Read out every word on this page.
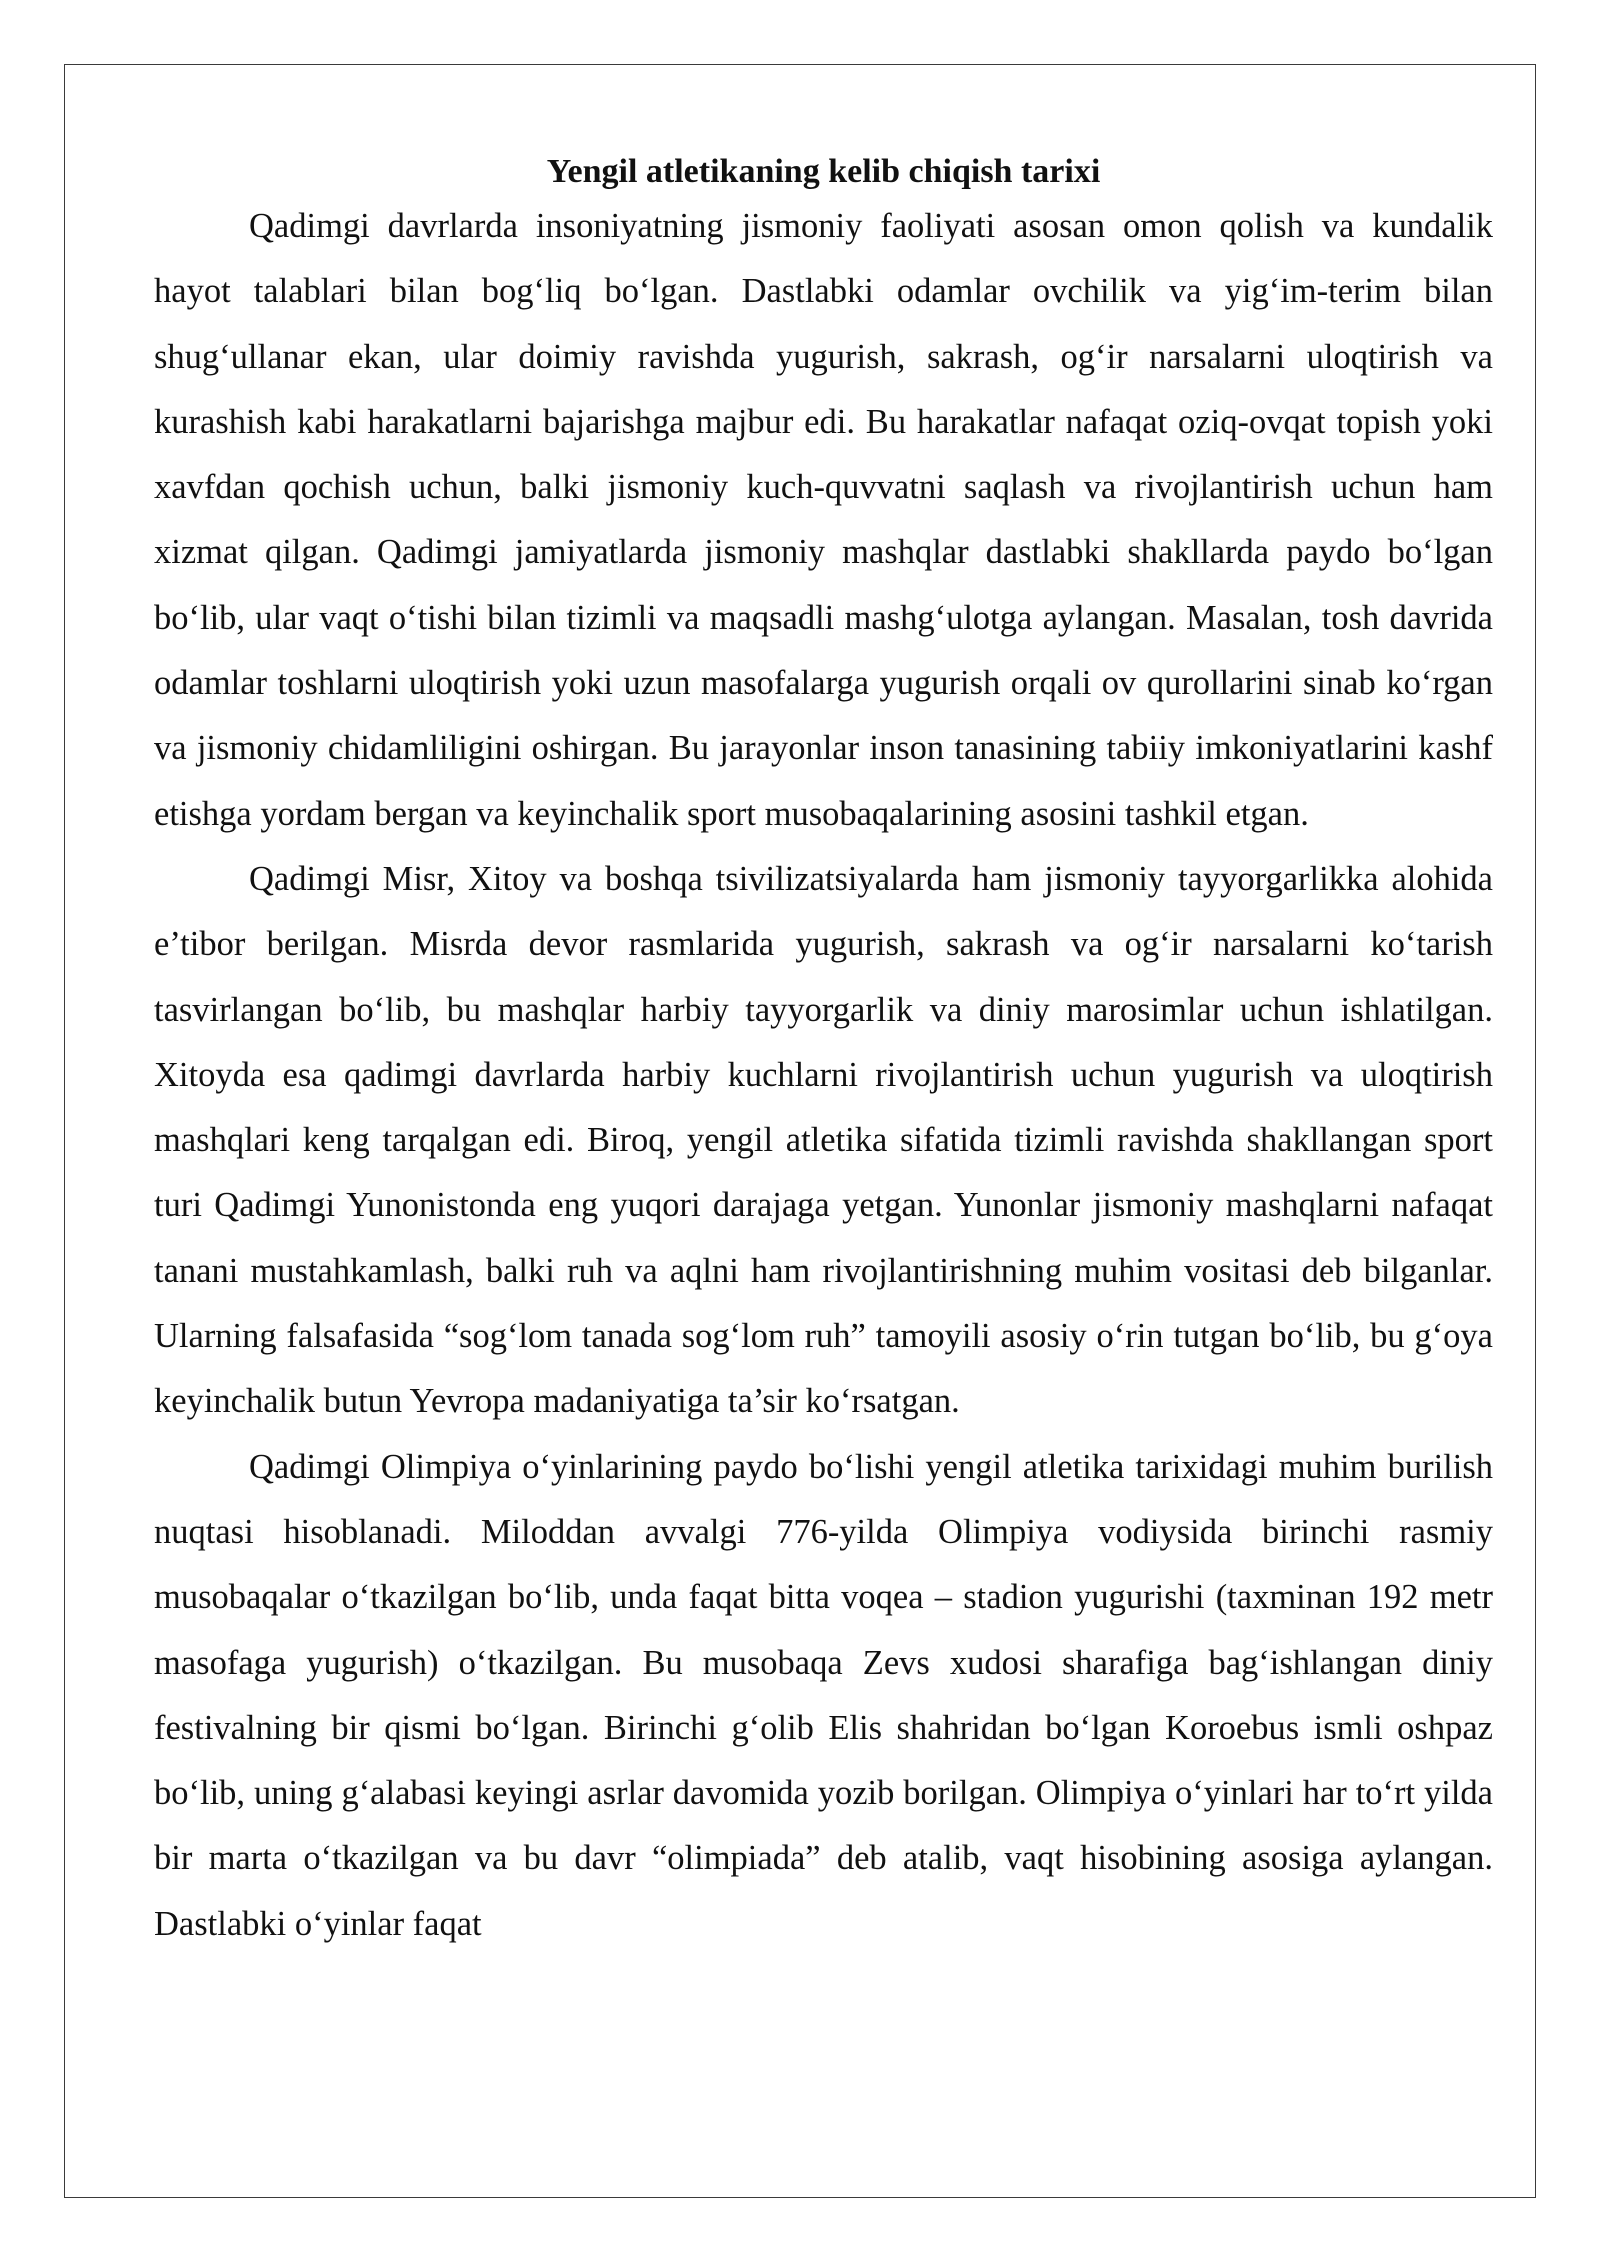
Yengil atletikaning kelib chiqish tarixi

Qadimgi davrlarda insoniyatning jismoniy faoliyati asosan omon qolish va kundalik hayot talablari bilan bog‘liq bo‘lgan. Dastlabki odamlar ovchilik va yig‘im-terim bilan shug‘ullanar ekan, ular doimiy ravishda yugurish, sakrash, og‘ir narsalarni uloqtirish va kurashish kabi harakatlarni bajarishga majbur edi. Bu harakatlar nafaqat oziq-ovqat topish yoki xavfdan qochish uchun, balki jismoniy kuch-quvvatni saqlash va rivojlantirish uchun ham xizmat qilgan. Qadimgi jamiyatlarda jismoniy mashqlar dastlabki shakllarda paydo bo‘lgan bo‘lib, ular vaqt o‘tishi bilan tizimli va maqsadli mashg‘ulotga aylangan. Masalan, tosh davrida odamlar toshlarni uloqtirish yoki uzun masofalarga yugurish orqali ov qurollarini sinab ko‘rgan va jismoniy chidamliligini oshirgan. Bu jarayonlar inson tanasining tabiiy imkoniyatlarini kashf etishga yordam bergan va keyinchalik sport musobaqalarining asosini tashkil etgan.

Qadimgi Misr, Xitoy va boshqa tsivilizatsiyalarda ham jismoniy tayyorgarlikka alohida e’tibor berilgan. Misrda devor rasmlarida yugurish, sakrash va og‘ir narsalarni ko‘tarish tasvirlangan bo‘lib, bu mashqlar harbiy tayyorgarlik va diniy marosimlar uchun ishlatilgan. Xitoyda esa qadimgi davrlarda harbiy kuchlarni rivojlantirish uchun yugurish va uloqtirish mashqlari keng tarqalgan edi. Biroq, yengil atletika sifatida tizimli ravishda shakllangan sport turi Qadimgi Yunonistonda eng yuqori darajaga yetgan. Yunonlar jismoniy mashqlarni nafaqat tanani mustahkamlash, balki ruh va aqlni ham rivojlantirishning muhim vositasi deb bilganlar. Ularning falsafasida “sog‘lom tanada sog‘lom ruh” tamoyili asosiy o‘rin tutgan bo‘lib, bu g‘oya keyinchalik butun Yevropa madaniyatiga ta’sir ko‘rsatgan.

Qadimgi Olimpiya o‘yinlarining paydo bo‘lishi yengil atletika tarixidagi muhim burilish nuqtasi hisoblanadi. Miloddan avvalgi 776-yilda Olimpiya vodiysida birinchi rasmiy musobaqalar o‘tkazilgan bo‘lib, unda faqat bitta voqea – stadion yugurishi (taxminan 192 metr masofaga yugurish) o‘tkazilgan. Bu musobaqa Zevs xudosi sharafiga bag‘ishlangan diniy festivalning bir qismi bo‘lgan. Birinchi g‘olib Elis shahridan bo‘lgan Koroebus ismli oshpaz bo‘lib, uning g‘alabasi keyingi asrlar davomida yozib borilgan. Olimpiya o‘yinlari har to‘rt yilda bir marta o‘tkazilgan va bu davr “olimpiada” deb atalib, vaqt hisobining asosiga aylangan. Dastlabki o‘yinlar faqat
